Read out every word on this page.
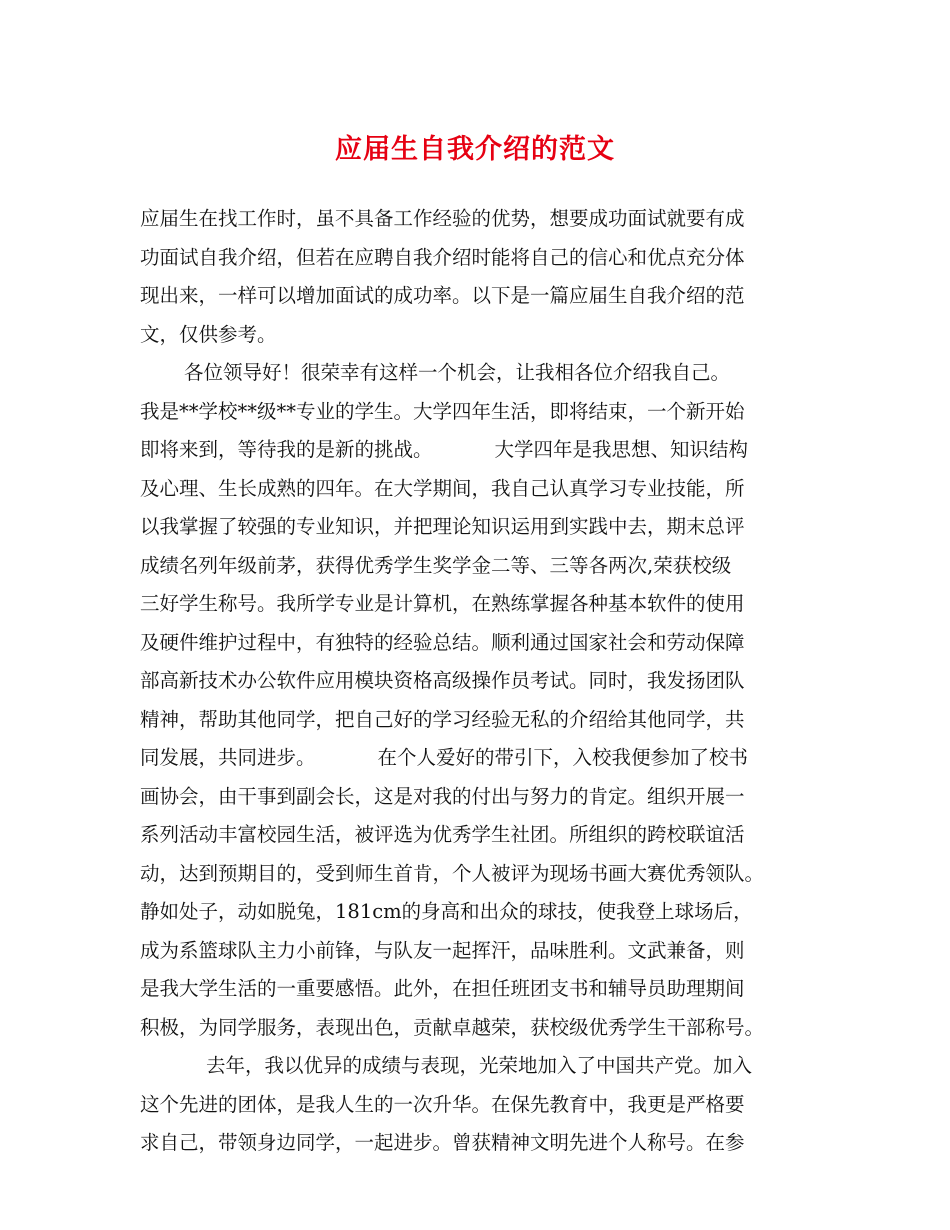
应届生自我介绍的范文
应届生在找工作时，虽不具备工作经验的优势，想要成功面试就要有成
功面试自我介绍，但若在应聘自我介绍时能将自己的信心和优点充分体
现出来，一样可以增加面试的成功率。以下是一篇应届生自我介绍的范
文，仅供参考。
各位领导好！很荣幸有这样一个机会，让我相各位介绍我自己。
我是**学校**级**专业的学生。大学四年生活，即将结束，一个新开始
即将来到，等待我的是新的挑战。          大学四年是我思想、知识结构
及心理、生长成熟的四年。在大学期间，我自己认真学习专业技能，所
以我掌握了较强的专业知识，并把理论知识运用到实践中去，期末总评
成绩名列年级前茅，获得优秀学生奖学金二等、三等各两次,荣获校级
三好学生称号。我所学专业是计算机，在熟练掌握各种基本软件的使用
及硬件维护过程中，有独特的经验总结。顺利通过国家社会和劳动保障
部高新技术办公软件应用模块资格高级操作员考试。同时，我发扬团队
精神，帮助其他同学，把自己好的学习经验无私的介绍给其他同学，共
同发展，共同进步。          在个人爱好的带引下，入校我便参加了校书
画协会，由干事到副会长，这是对我的付出与努力的肯定。组织开展一
系列活动丰富校园生活，被评选为优秀学生社团。所组织的跨校联谊活
动，达到预期目的，受到师生首肯，个人被评为现场书画大赛优秀领队。
静如处子，动如脱兔，181cm的身高和出众的球技，使我登上球场后，
成为系篮球队主力小前锋，与队友一起挥汗，品味胜利。文武兼备，则
是我大学生活的一重要感悟。此外，在担任班团支书和辅导员助理期间
积极，为同学服务，表现出色，贡献卓越荣，获校级优秀学生干部称号。
去年，我以优异的成绩与表现，光荣地加入了中国共产党。加入
这个先进的团体，是我人生的一次升华。在保先教育中，我更是严格要
求自己，带领身边同学，一起进步。曾获精神文明先进个人称号。在参
